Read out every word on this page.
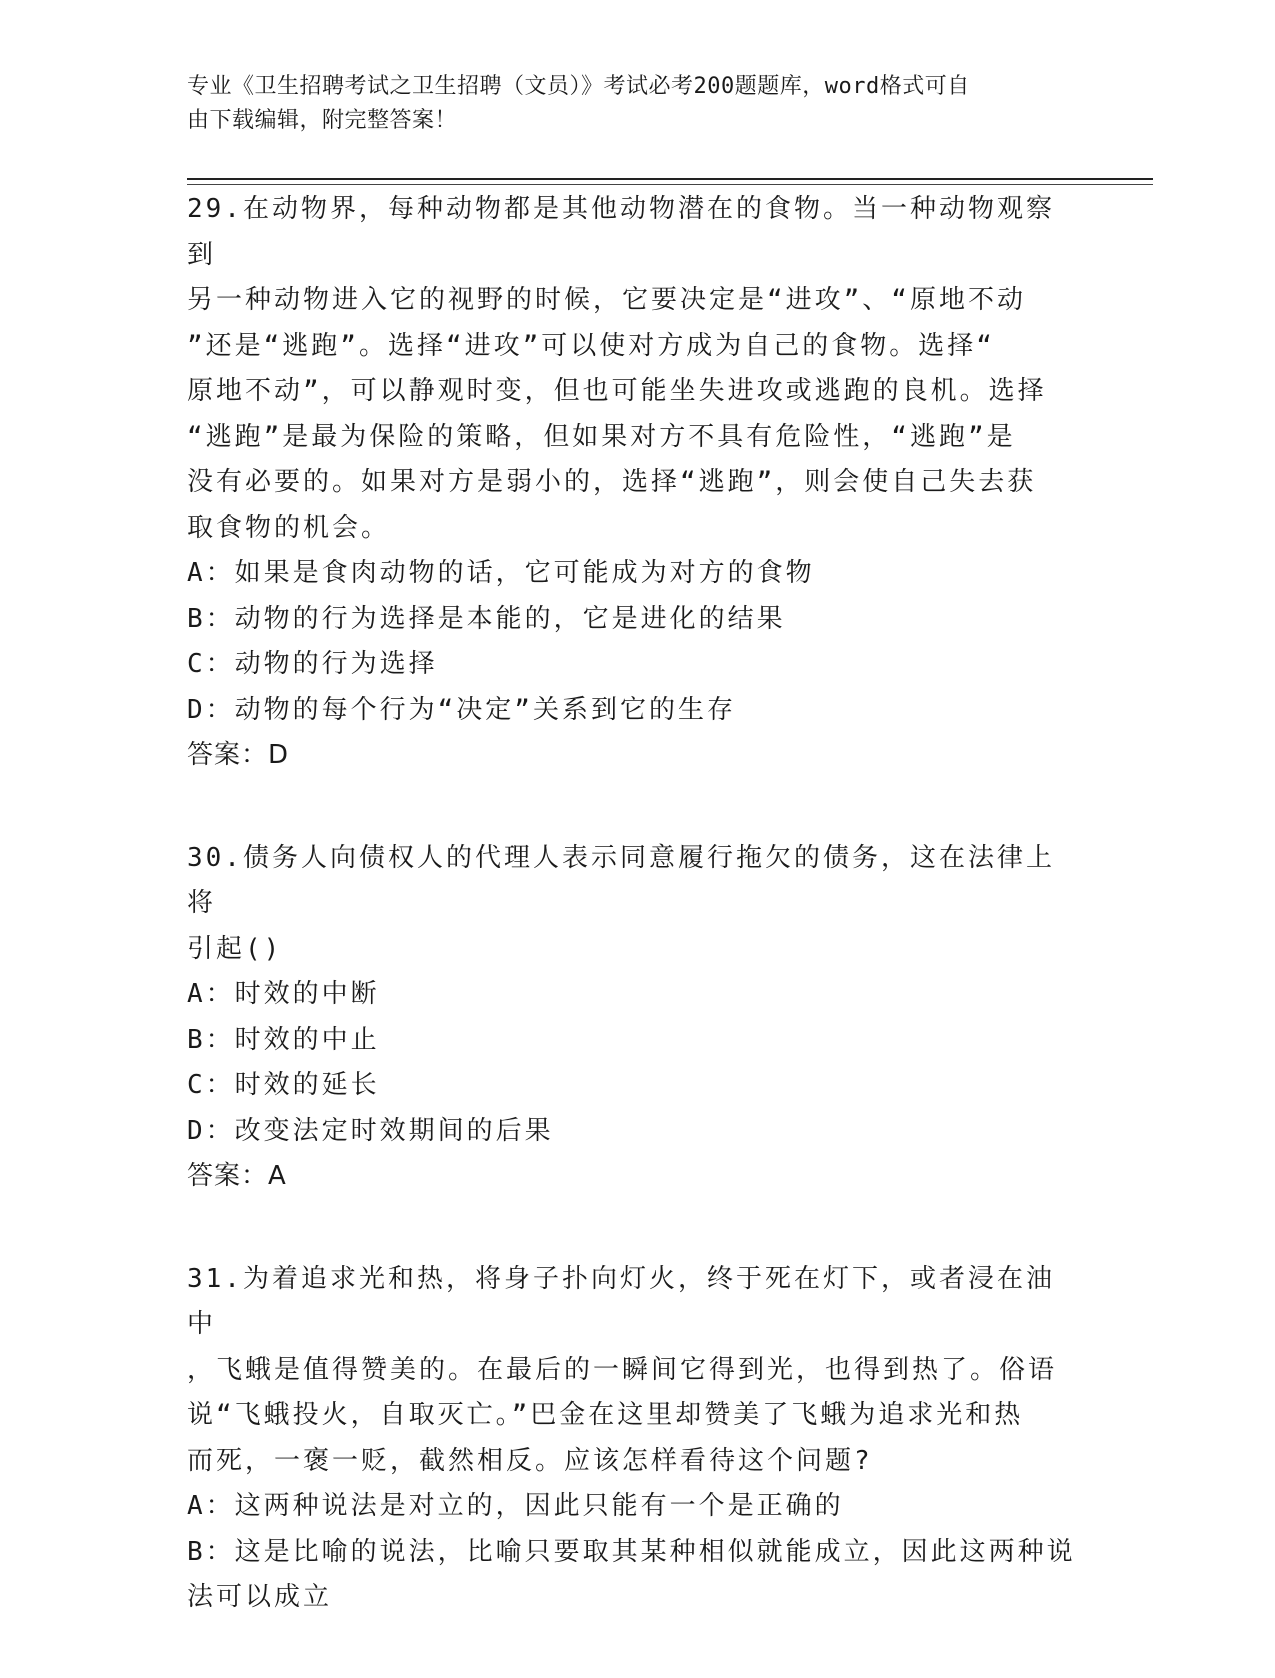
专业《卫生招聘考试之卫生招聘（文员）》考试必考200题题库，word格式可自
由下载编辑，附完整答案！

29.在动物界，每种动物都是其他动物潜在的食物。当一种动物观察到

另一种动物进入它的视野的时候，它要决定是“进攻”、“原地不动

”还是“逃跑”。选择“进攻”可以使对方成为自己的食物。选择“

原地不动”，可以静观时变，但也可能坐失进攻或逃跑的良机。选择

“逃跑”是最为保险的策略，但如果对方不具有危险性，“逃跑”是

没有必要的。如果对方是弱小的，选择“逃跑”，则会使自己失去获

取食物的机会。

A：如果是食肉动物的话，它可能成为对方的食物

B：动物的行为选择是本能的，它是进化的结果

C：动物的行为选择

D：动物的每个行为“决定”关系到它的生存

答案：D

30.债务人向债权人的代理人表示同意履行拖欠的债务，这在法律上将

引起()

A：时效的中断

B：时效的中止

C：时效的延长

D：改变法定时效期间的后果

答案：A

31.为着追求光和热，将身子扑向灯火，终于死在灯下，或者浸在油中

，飞蛾是值得赞美的。在最后的一瞬间它得到光，也得到热了。俗语

说“飞蛾投火，自取灭亡。”巴金在这里却赞美了飞蛾为追求光和热

而死，一褒一贬，截然相反。应该怎样看待这个问题?

A：这两种说法是对立的，因此只能有一个是正确的

B：这是比喻的说法，比喻只要取其某种相似就能成立，因此这两种说

法可以成立
